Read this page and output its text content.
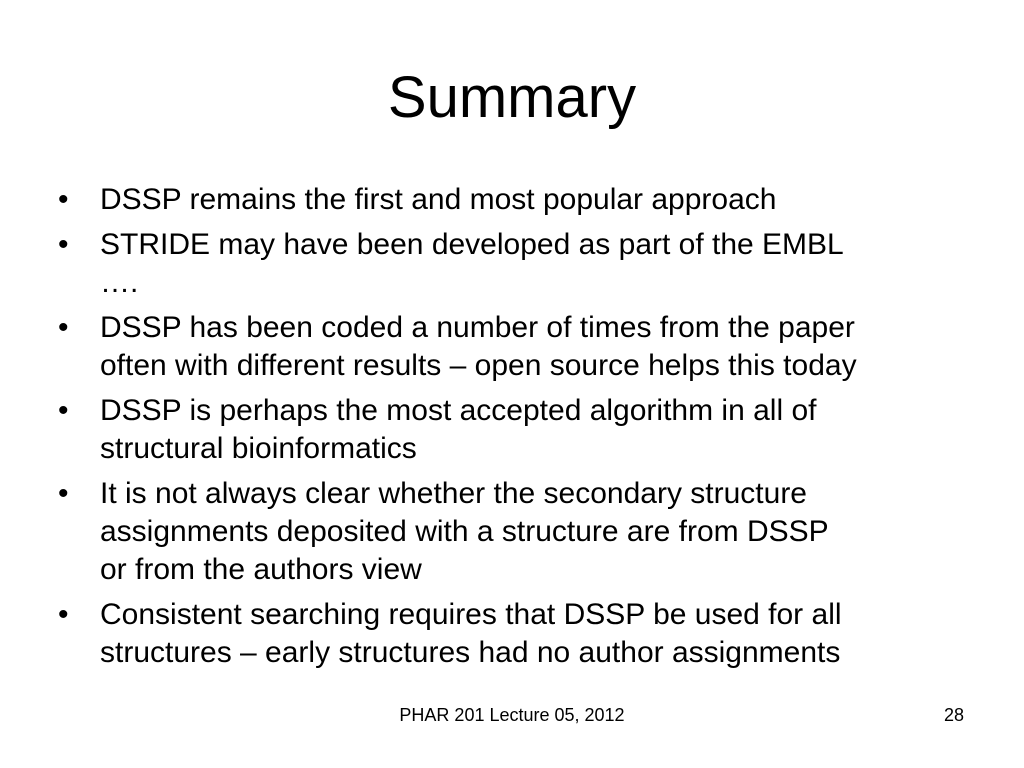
Summary
• DSSP remains the first and most popular approach
• STRIDE may have been developed as part of the EMBL
….
• DSSP has been coded a number of times from the paper
often with different results – open source helps this today
• DSSP is perhaps the most accepted algorithm in all of
structural bioinformatics
• It is not always clear whether the secondary structure
assignments deposited with a structure are from DSSP
or from the authors view
• Consistent searching requires that DSSP be used for all
structures – early structures had no author assignments
PHAR 201 Lecture 05, 2012	28
